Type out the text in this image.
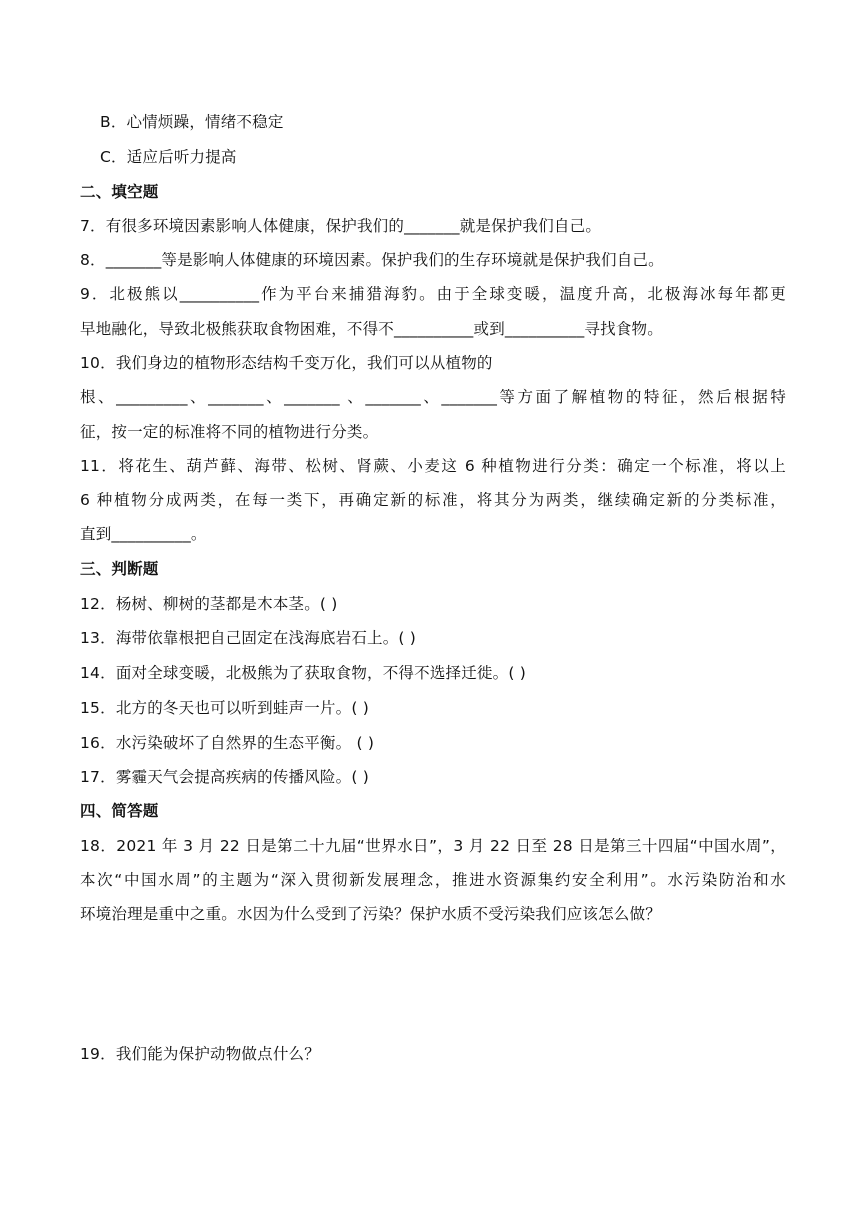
B．心情烦躁，情绪不稳定
C．适应后听力提高
二、填空题
7．有很多环境因素影响人体健康，保护我们的_______就是保护我们自己。
8．_______等是影响人体健康的环境因素。保护我们的生存环境就是保护我们自己。
9．北极熊以__________作为平台来捕猎海豹。由于全球变暖，温度升高，北极海冰每年都更
早地融化，导致北极熊获取食物困难，不得不__________或到__________寻找食物。
10．我们身边的植物形态结构千变万化，我们可以从植物的
根、_________、_______、_______ 、_______、_______等方面了解植物的特征，然后根据特
征，按一定的标准将不同的植物进行分类。
11．将花生、葫芦藓、海带、松树、肾蕨、小麦这 6 种植物进行分类：确定一个标准，将以上
6 种植物分成两类，在每一类下，再确定新的标准，将其分为两类，继续确定新的分类标准，
直到__________。
三、判断题
12．杨树、柳树的茎都是木本茎。( )
13．海带依靠根把自己固定在浅海底岩石上。( )
14．面对全球变暖，北极熊为了获取食物，不得不选择迁徙。( )
15．北方的冬天也可以听到蛙声一片。( )
16．水污染破坏了自然界的生态平衡。 ( )
17．雾霾天气会提高疾病的传播风险。( )
四、简答题
18．2021 年 3 月 22 日是第二十九届“世界水日”，3 月 22 日至 28 日是第三十四届“中国水周”，
本次“中国水周”的主题为“深入贯彻新发展理念，推进水资源集约安全利用”。水污染防治和水
环境治理是重中之重。水因为什么受到了污染？保护水质不受污染我们应该怎么做？
19．我们能为保护动物做点什么？
